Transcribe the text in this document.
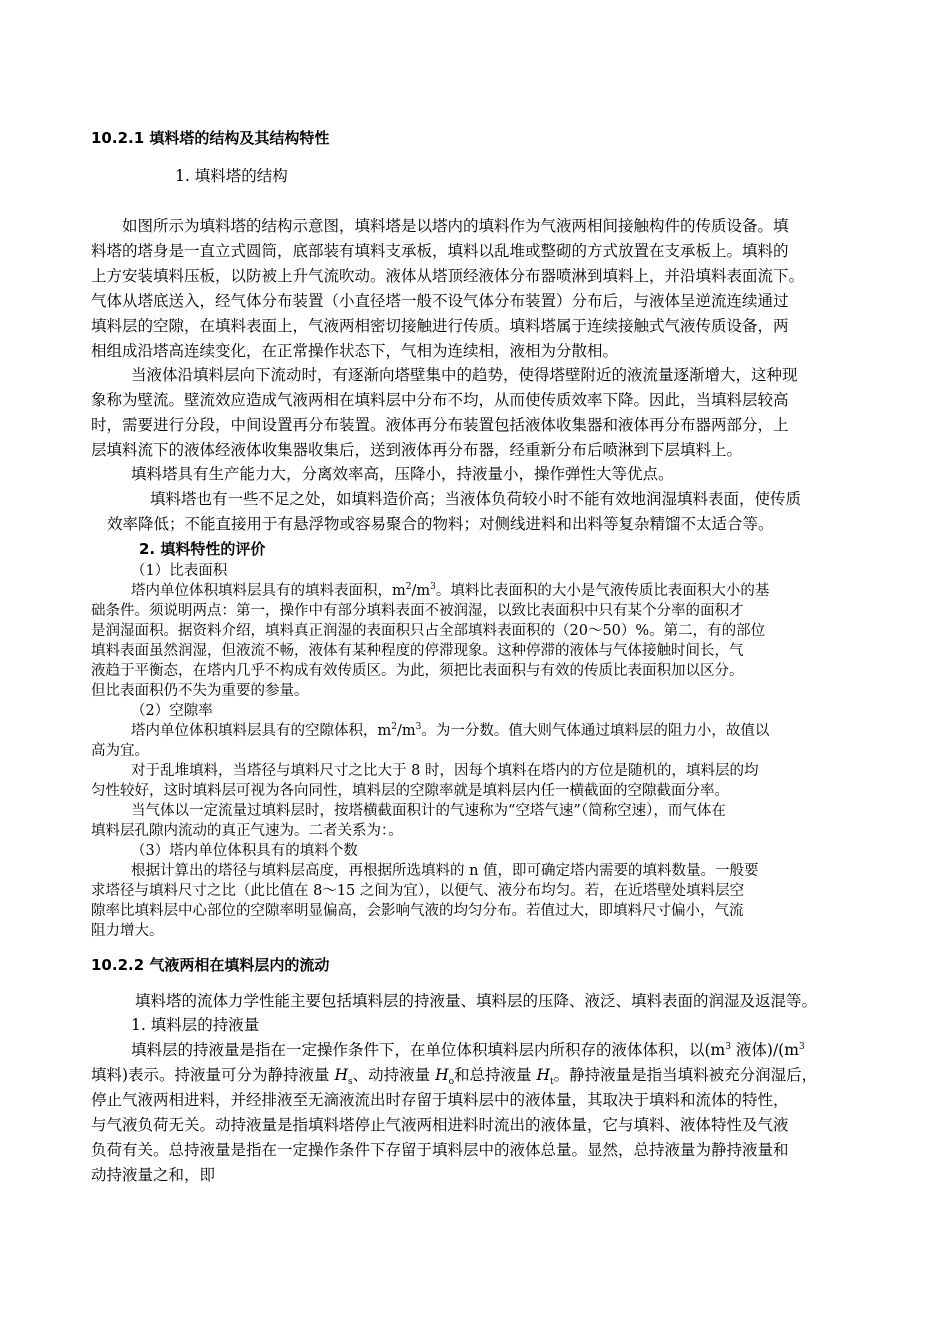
10.2.1 填料塔的结构及其结构特性
1. 填料塔的结构
如图所示为填料塔的结构示意图，填料塔是以塔内的填料作为气液两相间接触构件的传质设备。填
料塔的塔身是一直立式圆筒，底部装有填料支承板，填料以乱堆或整砌的方式放置在支承板上。填料的
上方安装填料压板，以防被上升气流吹动。液体从塔顶经液体分布器喷淋到填料上，并沿填料表面流下。
气体从塔底送入，经气体分布装置（小直径塔一般不设气体分布装置）分布后，与液体呈逆流连续通过
填料层的空隙，在填料表面上，气液两相密切接触进行传质。填料塔属于连续接触式气液传质设备，两
相组成沿塔高连续变化，在正常操作状态下，气相为连续相，液相为分散相。
当液体沿填料层向下流动时，有逐渐向塔壁集中的趋势，使得塔壁附近的液流量逐渐增大，这种现
象称为壁流。壁流效应造成气液两相在填料层中分布不均，从而使传质效率下降。因此，当填料层较高
时，需要进行分段，中间设置再分布装置。液体再分布装置包括液体收集器和液体再分布器两部分，上
层填料流下的液体经液体收集器收集后，送到液体再分布器，经重新分布后喷淋到下层填料上。
填料塔具有生产能力大，分离效率高，压降小，持液量小，操作弹性大等优点。
填料塔也有一些不足之处，如填料造价高；当液体负荷较小时不能有效地润湿填料表面，使传质
效率降低；不能直接用于有悬浮物或容易聚合的物料；对侧线进料和出料等复杂精馏不太适合等。
2. 填料特性的评价
（1）比表面积
塔内单位体积填料层具有的填料表面积，$m^2/m^3$。填料比表面积的大小是气液传质比表面积大小的基
础条件。须说明两点：第一，操作中有部分填料表面不被润湿，以致比表面积中只有某个分率的面积才
是润湿面积。据资料介绍，填料真正润湿的表面积只占全部填料表面积的（20～50）%。第二，有的部位
填料表面虽然润湿，但液流不畅，液体有某种程度的停滞现象。这种停滞的液体与气体接触时间长，气
液趋于平衡态，在塔内几乎不构成有效传质区。为此，须把比表面积与有效的传质比表面积加以区分。
但比表面积仍不失为重要的参量。
（2）空隙率
塔内单位体积填料层具有的空隙体积，$m^2/m^3$。为一分数。值大则气体通过填料层的阻力小，故值以
高为宜。
对于乱堆填料，当塔径与填料尺寸之比大于 8 时，因每个填料在塔内的方位是随机的，填料层的均
匀性较好，这时填料层可视为各向同性，填料层的空隙率就是填料层内任一横截面的空隙截面分率。
当气体以一定流量过填料层时，按塔横截面积计的气速称为“空塔气速”（简称空速），而气体在
填料层孔隙内流动的真正气速为。二者关系为：。
（3）塔内单位体积具有的填料个数
根据计算出的塔径与填料层高度，再根据所选填料的 n 值，即可确定塔内需要的填料数量。一般要
求塔径与填料尺寸之比（此比值在 8～15 之间为宜），以便气、液分布均匀。若，在近塔壁处填料层空
隙率比填料层中心部位的空隙率明显偏高，会影响气液的均匀分布。若值过大，即填料尺寸偏小，气流
阻力增大。
10.2.2 气液两相在填料层内的流动
填料塔的流体力学性能主要包括填料层的持液量、填料层的压降、液泛、填料表面的润湿及返混等。
1. 填料层的持液量
填料层的持液量是指在一定操作条件下，在单位体积填料层内所积存的液体体积，以($m^3$ 液体)$/(m^3$
填料)表示。持液量可分为静持液量 $H_s$、动持液量 $H_o$和总持液量 $H_t$。静持液量是指当填料被充分润湿后，
停止气液两相进料，并经排液至无滴液流出时存留于填料层中的液体量，其取决于填料和流体的特性，
与气液负荷无关。动持液量是指填料塔停止气液两相进料时流出的液体量，它与填料、液体特性及气液
负荷有关。总持液量是指在一定操作条件下存留于填料层中的液体总量。显然，总持液量为静持液量和
动持液量之和，即
